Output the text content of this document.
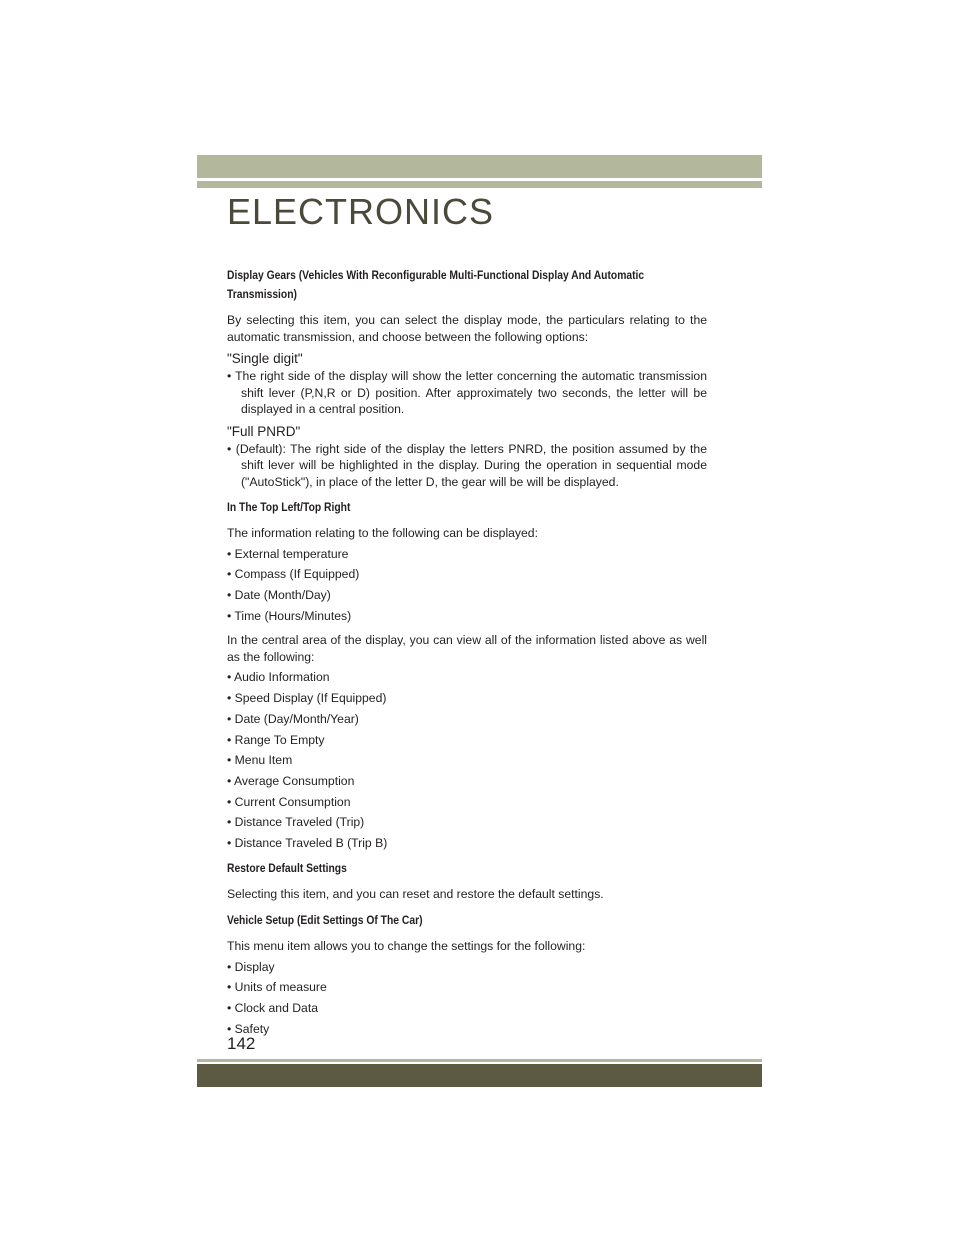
ELECTRONICS

Display Gears (Vehicles With Reconfigurable Multi-Functional Display And Automatic Transmission)

By selecting this item, you can select the display mode, the particulars relating to the automatic transmission, and choose between the following options:

"Single digit"

• The right side of the display will show the letter concerning the automatic transmission shift lever (P,N,R or D) position. After approximately two seconds, the letter will be displayed in a central position.

"Full PNRD"

• (Default): The right side of the display the letters PNRD, the position assumed by the shift lever will be highlighted in the display. During the operation in sequential mode ("AutoStick"), in place of the letter D, the gear will be will be displayed.

In The Top Left/Top Right

The information relating to the following can be displayed:

• External temperature
• Compass (If Equipped)
• Date (Month/Day)
• Time (Hours/Minutes)

In the central area of the display, you can view all of the information listed above as well as the following:

• Audio Information
• Speed Display (If Equipped)
• Date (Day/Month/Year)
• Range To Empty
• Menu Item
• Average Consumption
• Current Consumption
• Distance Traveled (Trip)
• Distance Traveled B (Trip B)

Restore Default Settings

Selecting this item, and you can reset and restore the default settings.

Vehicle Setup (Edit Settings Of The Car)

This menu item allows you to change the settings for the following:

• Display
• Units of measure
• Clock and Data
• Safety
142
